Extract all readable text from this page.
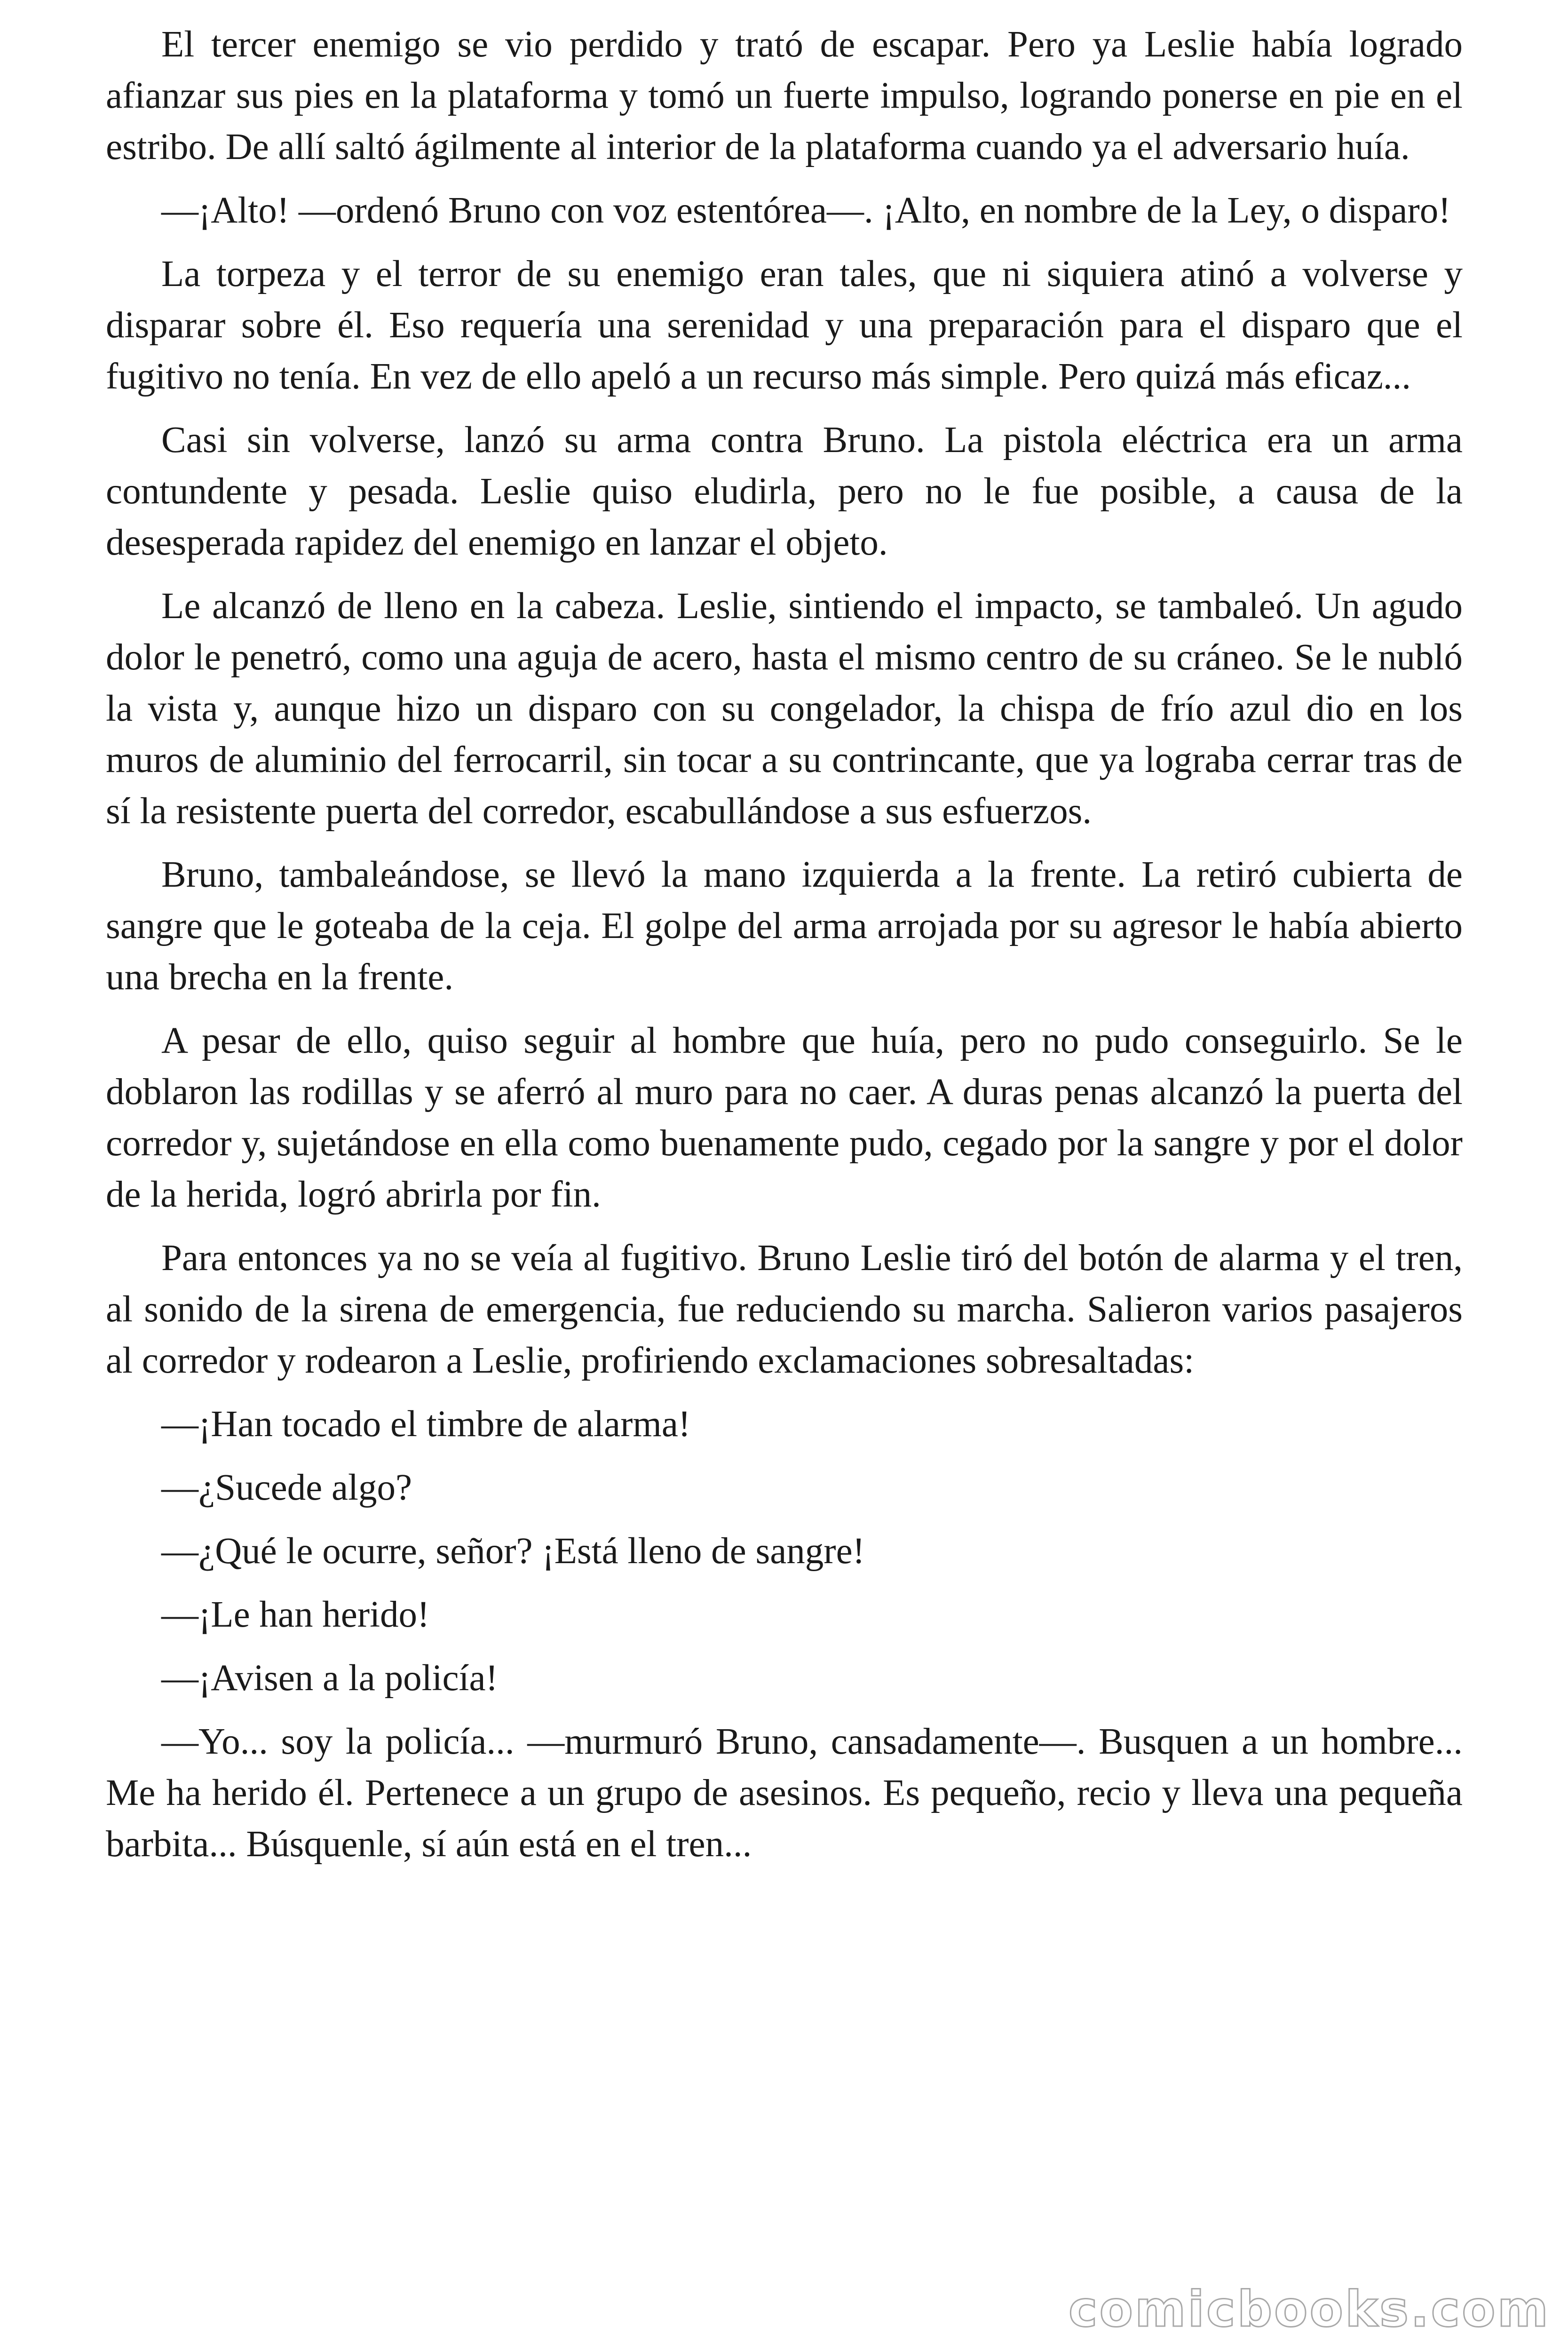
El tercer enemigo se vio perdido y trató de escapar. Pero ya Leslie había logrado afianzar sus pies en la plataforma y tomó un fuerte impulso, logrando ponerse en pie en el estribo. De allí saltó ágilmente al interior de la plataforma cuando ya el adversario huía.

—¡Alto! —ordenó Bruno con voz estentórea—. ¡Alto, en nombre de la Ley, o disparo!

La torpeza y el terror de su enemigo eran tales, que ni siquiera atinó a volverse y disparar sobre él. Eso requería una serenidad y una preparación para el disparo que el fugitivo no tenía. En vez de ello apeló a un recurso más simple. Pero quizá más eficaz...

Casi sin volverse, lanzó su arma contra Bruno. La pistola eléctrica era un arma contundente y pesada. Leslie quiso eludirla, pero no le fue posible, a causa de la desesperada rapidez del enemigo en lanzar el objeto.

Le alcanzó de lleno en la cabeza. Leslie, sintiendo el impacto, se tambaleó. Un agudo dolor le penetró, como una aguja de acero, hasta el mismo centro de su cráneo. Se le nubló la vista y, aunque hizo un disparo con su congelador, la chispa de frío azul dio en los muros de aluminio del ferrocarril, sin tocar a su contrincante, que ya lograba cerrar tras de sí la resistente puerta del corredor, escabullándose a sus esfuerzos.

Bruno, tambaleándose, se llevó la mano izquierda a la frente. La retiró cubierta de sangre que le goteaba de la ceja. El golpe del arma arrojada por su agresor le había abierto una brecha en la frente.

A pesar de ello, quiso seguir al hombre que huía, pero no pudo conseguirlo. Se le doblaron las rodillas y se aferró al muro para no caer. A duras penas alcanzó la puerta del corredor y, sujetándose en ella como buenamente pudo, cegado por la sangre y por el dolor de la herida, logró abrirla por fin.

Para entonces ya no se veía al fugitivo. Bruno Leslie tiró del botón de alarma y el tren, al sonido de la sirena de emergencia, fue reduciendo su marcha. Salieron varios pasajeros al corredor y rodearon a Leslie, profiriendo exclamaciones sobresaltadas:

—¡Han tocado el timbre de alarma!

—¿Sucede algo?

—¿Qué le ocurre, señor? ¡Está lleno de sangre!

—¡Le han herido!

—¡Avisen a la policía!

—Yo... soy la policía... —murmuró Bruno, cansadamente—. Busquen a un hombre... Me ha herido él. Pertenece a un grupo de asesinos. Es pequeño, recio y lleva una pequeña barbita... Búsquenle, sí aún está en el tren...

comicbooks.com
